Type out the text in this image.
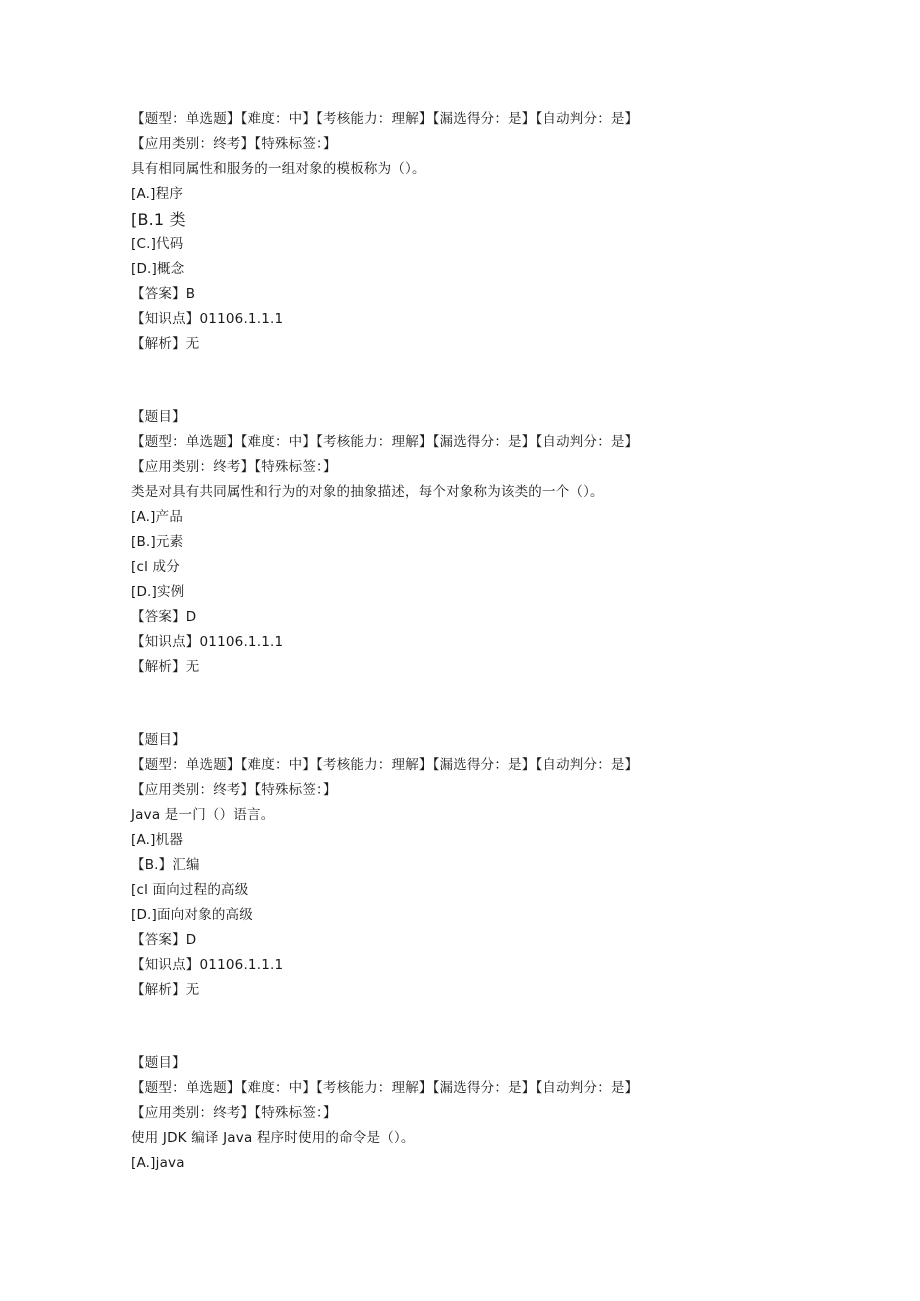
【题型：单选题】【难度：中】【考核能力：理解】【漏选得分：是】【自动判分：是】
【应用类别：终考】【特殊标签：】
具有相同属性和服务的一组对象的模板称为（）。
[A.]程序
[B.1 类
[C.]代码
[D.]概念
【答案】B
【知识点】01106.1.1.1
【解析】无
【题目】
【题型：单选题】【难度：中】【考核能力：理解】【漏选得分：是】【自动判分：是】
【应用类别：终考】【特殊标签：】
类是对具有共同属性和行为的对象的抽象描述，每个对象称为该类的一个（）。
[A.]产品
[B.]元素
[cl 成分
[D.]实例
【答案】D
【知识点】01106.1.1.1
【解析】无
【题目】
【题型：单选题】【难度：中】【考核能力：理解】【漏选得分：是】【自动判分：是】
【应用类别：终考】【特殊标签：】
Java 是一门（）语言。
[A.]机器
【B.】汇编
[cl 面向过程的高级
[D.]面向对象的高级
【答案】D
【知识点】01106.1.1.1
【解析】无
【题目】
【题型：单选题】【难度：中】【考核能力：理解】【漏选得分：是】【自动判分：是】
【应用类别：终考】【特殊标签：】
使用 JDK 编译 Java 程序时使用的命令是（）。
[A.]java
